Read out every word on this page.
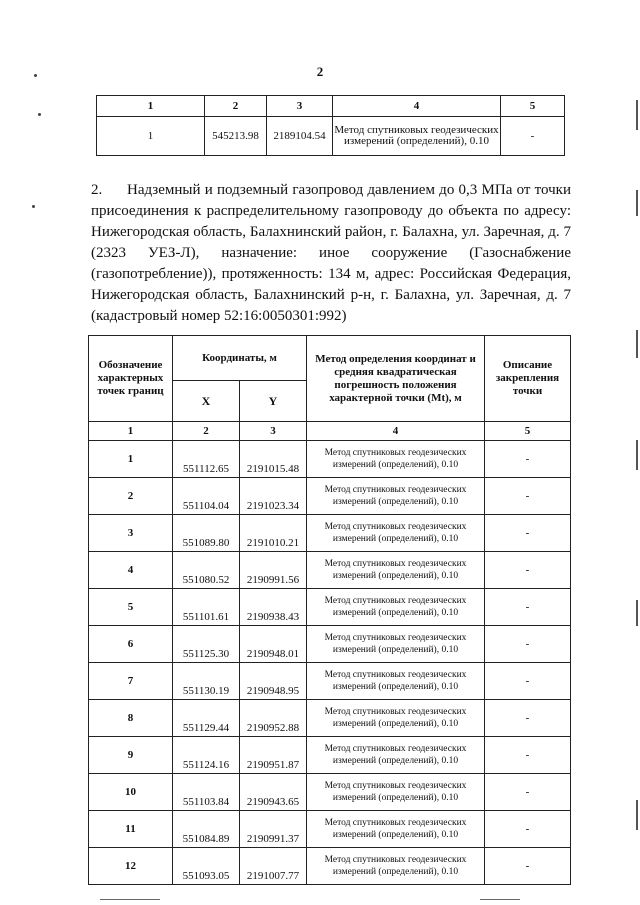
2
1	2	3	4	5
1	545213.98	2189104.54	Метод спутниковых геодезических измерений (определений), 0.10	-
2. Надземный и подземный газопровод давлением до 0,3 МПа от точки присоединения к распределительному газопроводу до объекта по адресу: Нижегородская область, Балахнинский район, г. Балахна, ул. Заречная, д. 7 (2323 УЕЗ-Л), назначение: иное сооружение (Газоснабжение (газопотребление)), протяженность: 134 м, адрес: Российская Федерация, Нижегородская область, Балахнинский р-н, г. Балахна, ул. Заречная, д. 7 (кадастровый номер 52:16:0050301:992)
Обозначение характерных точек границ	Координаты, м		Метод определения координат и средняя квадратическая погрешность положения характерной точки (Mt), м	Описание закрепления точки
	X	Y		
1	2	3	4	5
1	551112.65	2191015.48	Метод спутниковых геодезических измерений (определений), 0.10	-
2	551104.04	2191023.34	Метод спутниковых геодезических измерений (определений), 0.10	-
3	551089.80	2191010.21	Метод спутниковых геодезических измерений (определений), 0.10	-
4	551080.52	2190991.56	Метод спутниковых геодезических измерений (определений), 0.10	-
5	551101.61	2190938.43	Метод спутниковых геодезических измерений (определений), 0.10	-
6	551125.30	2190948.01	Метод спутниковых геодезических измерений (определений), 0.10	-
7	551130.19	2190948.95	Метод спутниковых геодезических измерений (определений), 0.10	-
8	551129.44	2190952.88	Метод спутниковых геодезических измерений (определений), 0.10	-
9	551124.16	2190951.87	Метод спутниковых геодезических измерений (определений), 0.10	-
10	551103.84	2190943.65	Метод спутниковых геодезических измерений (определений), 0.10	-
11	551084.89	2190991.37	Метод спутниковых геодезических измерений (определений), 0.10	-
12	551093.05	2191007.77	Метод спутниковых геодезических измерений (определений), 0.10	-
